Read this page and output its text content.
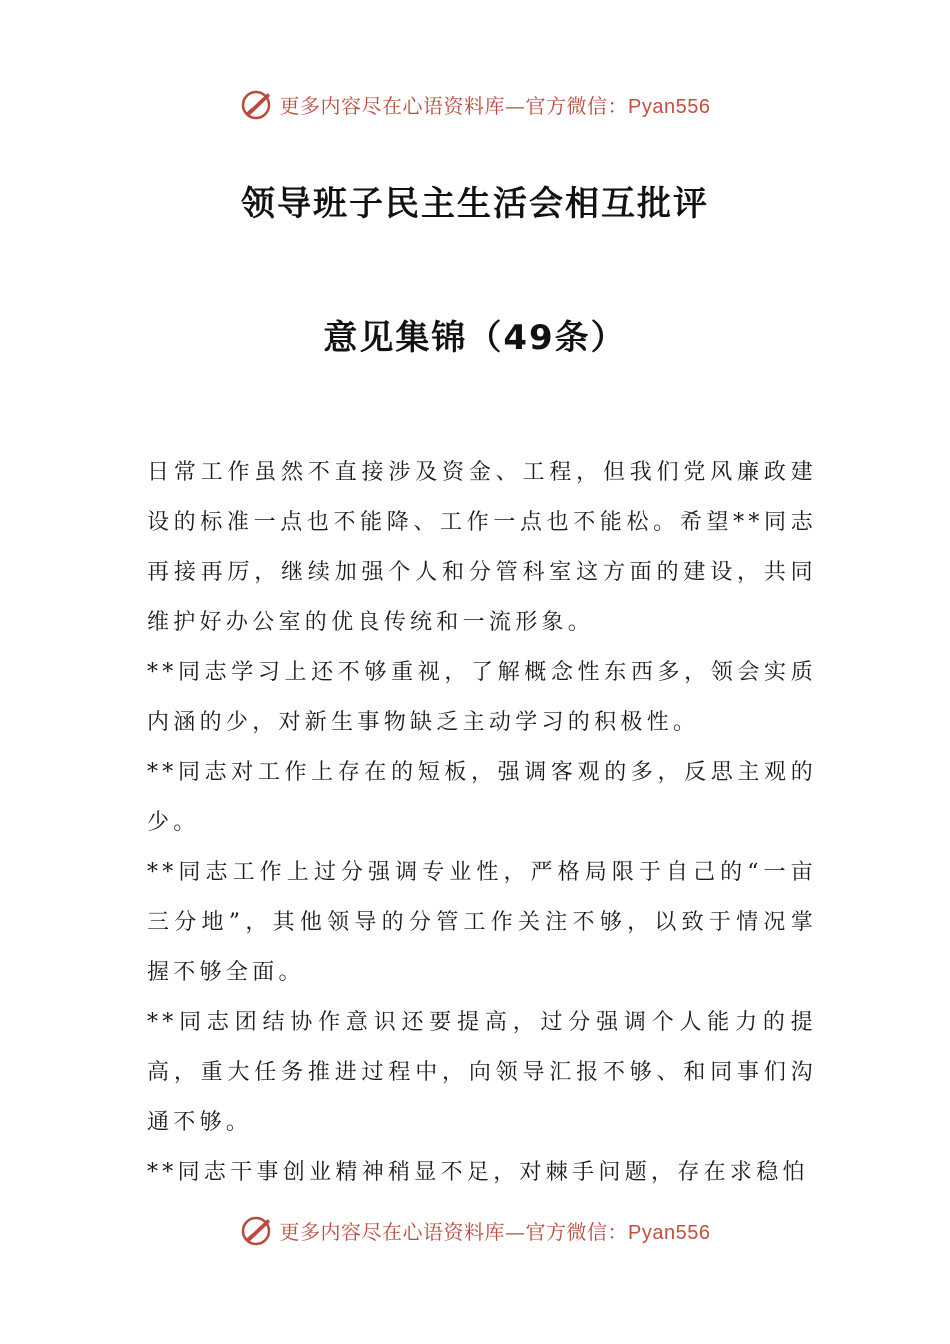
更多内容尽在心语资料库—官方微信：Pyan556
领导班子民主生活会相互批评
意见集锦（49条）

日常工作虽然不直接涉及资金、工程，但我们党风廉政建设的标准一点也不能降、工作一点也不能松。希望**同志再接再厉，继续加强个人和分管科室这方面的建设，共同维护好办公室的优良传统和一流形象。

**同志学习上还不够重视，了解概念性东西多，领会实质内涵的少，对新生事物缺乏主动学习的积极性。

**同志对工作上存在的短板，强调客观的多，反思主观的少。

**同志工作上过分强调专业性，严格局限于自己的“一亩三分地”，其他领导的分管工作关注不够，以致于情况掌握不够全面。

**同志团结协作意识还要提高，过分强调个人能力的提高，重大任务推进过程中，向领导汇报不够、和同事们沟通不够。

**同志干事创业精神稍显不足，对棘手问题，存在求稳怕

更多内容尽在心语资料库—官方微信：Pyan556
